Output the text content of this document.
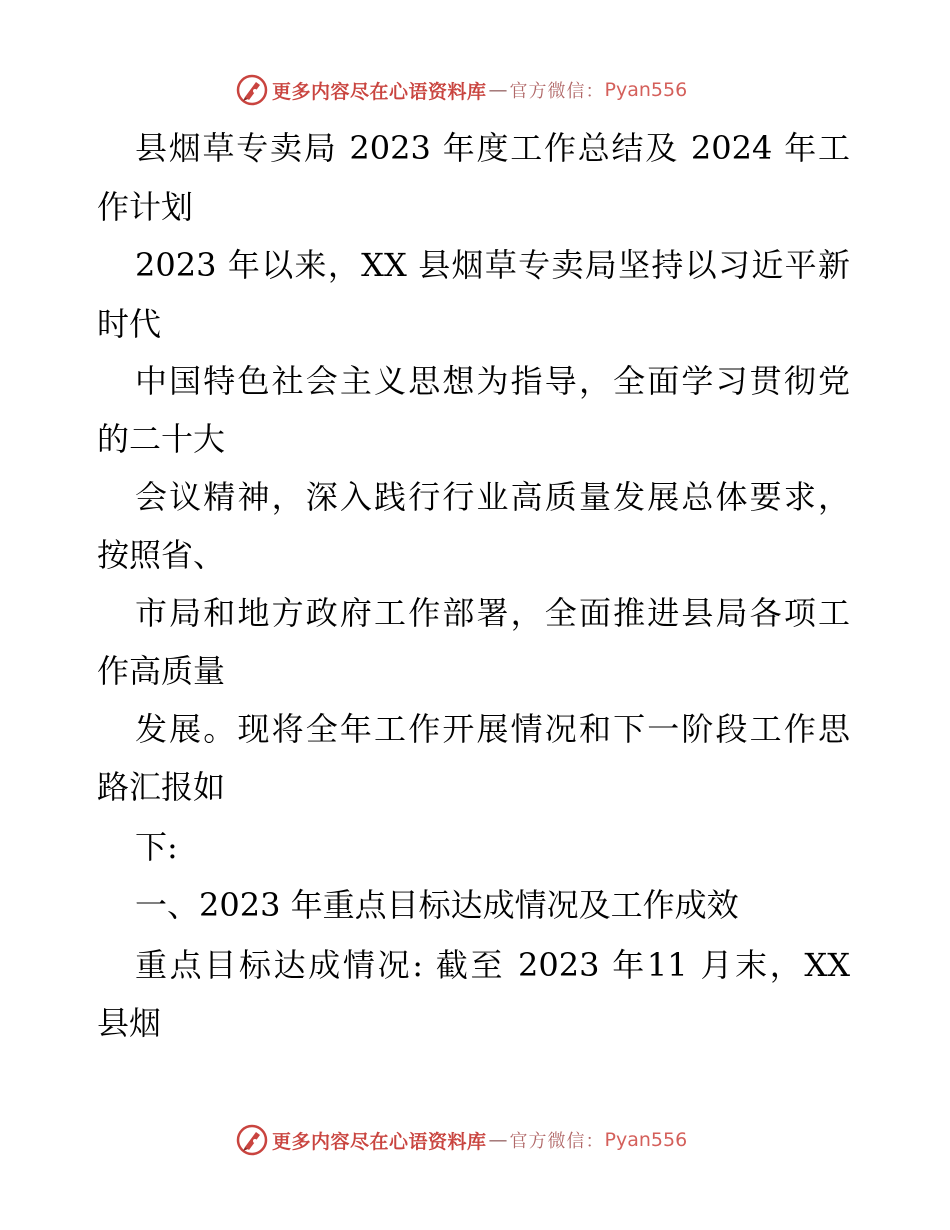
更多内容尽在心语资料库 — 官方微信： Pyan556
县烟草专卖局 2023 年度工作总结及 2024 年工
作计划
2023 年以来，XX 县烟草专卖局坚持以习近平新
时代
中国特色社会主义思想为指导，全面学习贯彻党
的二十大
会议精神，深入践行行业高质量发展总体要求，
按照省、
市局和地方政府工作部署，全面推进县局各项工
作高质量
发展。现将全年工作开展情况和下一阶段工作思
路汇报如
下:
一、2023 年重点目标达成情况及工作成效
重点目标达成情况: 截至 2023 年11 月末，XX
县烟
更多内容尽在心语资料库 — 官方微信： Pyan556
